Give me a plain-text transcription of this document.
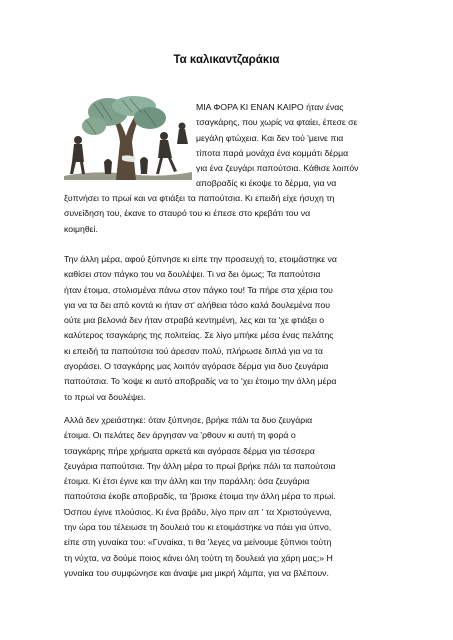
Τα καλικαντζαράκια
ΜΙΑ ΦΟΡΑ ΚΙ ΕΝΑΝ ΚΑΙΡΟ ήταν ένας
τσαγκάρης, που χωρίς να φταίει, έπεσε σε
μεγάλη φτώχεια. Και δεν τού 'μεινε πια
τίποτα παρά μονάχα ένα κομμάτι δέρμα
για ένα ζευγάρι παπούτσια. Κάθισε λοιπόν
αποβραδίς κι έκοψε το δέρμα, για να
ξυπνήσει το πρωί και να φτιάξει τα παπούτσια. Κι επειδή είχε ήσυχη τη
συνείδηση του, έκανε το σταυρό του κι έπεσε στο κρεβάτι του να
κοιμηθεί.
Την άλλη μέρα, αφού ξύπνησε κι είπε την προσευχή το, ετοιμάστηκε να
καθίσει στον πάγκο του να δουλέψει. Τι να δει όμως; Τα παπούτσια
ήταν έτοιμα, στολισμένα πάνω στον πάγκο του! Τα πήρε στα χέρια του
για να τα δει από κοντά κι ήταν στ' αλήθεια τόσο καλά δουλεμένα που
ούτε μια βελονιά δεν ήταν στραβά κεντημένη, λες και τα 'χε φτιάξει ο
καλύτερος τσαγκάρης της πολιτείας. Σε λίγο μπήκε μέσα ένας πελάτης
κι επειδή τα παπούτσια τού άρεσαν πολύ, πλήρωσε διπλά για να τα
αγοράσει. Ο τσαγκάρης μας λοιπόν αγόρασε δέρμα για δυο ζευγάρια
παπούτσια. Το 'κοψε κι αυτό αποβραδίς να το 'χει έτοιμο την άλλη μέρα
το πρωί να δουλέψει.
Αλλά δεν χρειάστηκε: όταν ξύπνησε, βρήκε πάλι τα δυο ζευγάρια
έτοιμα. Οι πελάτες δεν άργησαν να 'ρθουν κι αυτή τη φορά ο
τσαγκάρης πήρε χρήματα αρκετά και αγόρασε δέρμα για τέσσερα
ζευγάρια παπούτσια. Την άλλη μέρα το πρωί βρήκε πάλι τα παπούτσια
έτοιμα. Κι έτσι έγινε και την άλλη και την παράλλη: όσα ζευγάρια
παπούτσια έκοβε αποβραδίς, τα 'βρισκε έτοιμα την άλλη μέρα το πρωί.
Όσπου έγινε πλούσιος. Κι ένα βράδυ, λίγο πριν απ ' τα Χριστούγεννα,
την ώρα του τέλειωσε τη δουλειά του κι ετοιμάστηκε να πάει για ύπνο,
είπε στη γυναίκα του: «Γυναίκα, τι θα 'λεγες να μείνουμε ξύπνιοι τούτη
τη νύχτα, να δούμε ποιος κάνει όλη τούτη τη δουλειά για χάρη μας;» Η
γυναίκα του συμφώνησε και άναψε μια μικρή λάμπα, για να βλέπουν.
